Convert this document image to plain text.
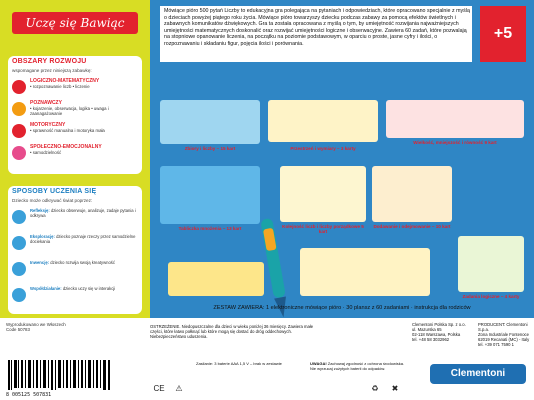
Uczę się Bawiąc
OBSZARY ROZWOJU
wspomagane przez niniejszą zabawkę:
LOGICZNO-MATEMATYCZNY
• rozpoznawanie liczb • liczenie
POZNAWCZY
• kojarzenie, obserwacja, logika • uwaga i zaanagażowanie
MOTORYCZNY
• sprawność manualna i motoryka mała
SPOŁECZNO-EMOCJONALNY
• samodzielność
SPOSOBY UCZENIA SIĘ
Dziecko może odkrywać świat poprzez:
Refleksję: dziecko obserwuje, analizuje, zadaje pytania i odkrywa
Eksplorację: dziecko poznaje rzeczy przez samodzielne dociekania
Inwencję: dziecko rozwija swoją kreatywność
Współdziałanie: dziecko uczy się w interakcji
Mówiące pióro 500 pytań Liczby to edukacyjna gra polegająca na pytaniach i odpowiedziach, które opracowano specjalnie z myślą o dzieciach powyżej piątego roku życia. Mówiące pióro towarzyszy dziecku podczas zabawy za pomocą efektów świetlnych i zabawnych komunikatów dźwiękowych. Gra ta została opracowana z myślą o tym, by umiejętność rozwijania najważniejszych umiejętności matematycznych doskonalić oraz rozwijać umiejętności logiczne i obserwacyjne. Zawiera 60 zadań, które pozwalają na stopniowe opanowanie liczenia, na początku na poziomie podstawowym, w oparciu o proste, jasne cyfry i ilości, o rozpoznawaniu i składaniu figur, pojęcia ilości i porównania.
+5
Zbiory i liczby – 15 kart	Przestrzeń i wymiary – 3 karty
Wielkość, mniejszość i równość 9 kart
Tabliczka mnożenia – 13 kart	Kolejność liczb i liczby porządkowe 5 kart
Dodawanie i odejmowanie – 10 kart
Zadania logiczne – 4 karty
ZESTAW ZAWIERA: 1 elektroniczne mówiące pióro · 30 plansz z 60 zadaniami · instrukcja dla rodziców
Wyprodukowano we Włoszech
Code 50783
OSTRZEŻENIE. Niedopuszczalne dla dzieci w wieku poniżej 36 miesięcy. Zawiera małe części, które łatwo połknąć lub które mogą się dostać do dróg oddechowych. Niebezpieczeństwo uduszenia.
Zasilanie: 3 baterie AAA 1,5 V – brak w zestawie	UWAGA! Zachowaj zgodność z ochrona środowiska. Nie wyrzucaj zużytych baterii do odpadów.
Clementoni Polska Sp. z o.o.
ul. Mazurska 65
02-118 Warszawa, Polska
tel. +48 58 3032962
PRODUCENT: Clementoni S.p.a.
Zona Industriale Fontenoce
62019 Recanati (MC) - Italy
tel. +39 071 7590 1
Clementoni
8 005125 507831
CE	⚠	♻	✖
